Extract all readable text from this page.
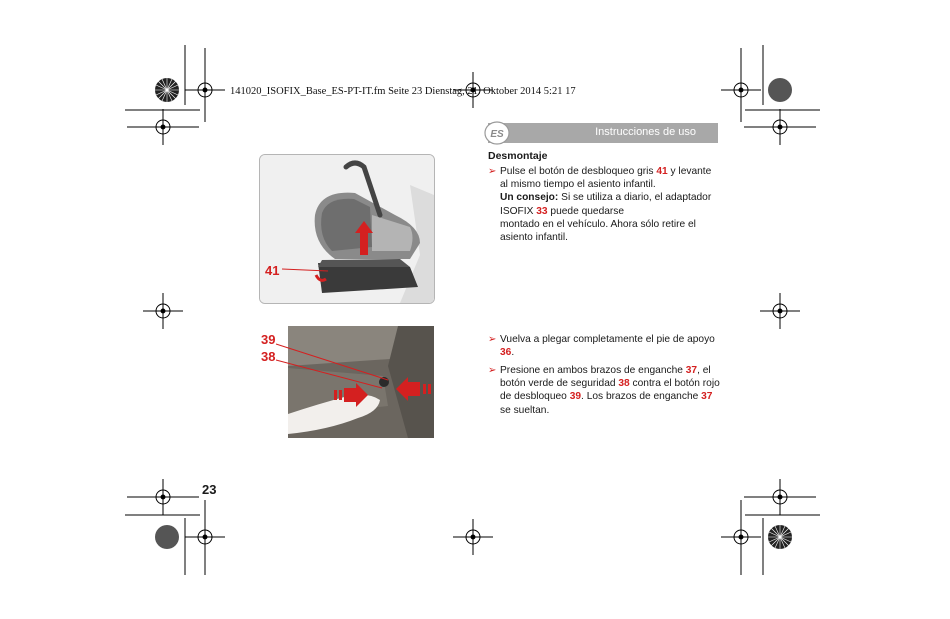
141020_ISOFIX_Base_ES-PT-IT.fm Seite 23 Dienstag, 21. Oktober 2014 5:21 17
Instrucciones de uso
ES
41
39
38
Desmontaje
➢ Pulse el botón de desbloqueo gris 41 y levante al mismo tiempo el asiento infantil.
Un consejo: Si se utiliza a diario, el adaptador ISOFIX 33 puede quedarse
montado en el vehículo. Ahora sólo retire el asiento infantil.
➢ Vuelva a plegar completamente el pie de apoyo 36.
➢ Presione en ambos brazos de enganche 37, el botón verde de seguridad 38 contra el botón rojo de desbloqueo 39. Los brazos de enganche 37 se sueltan.
23
